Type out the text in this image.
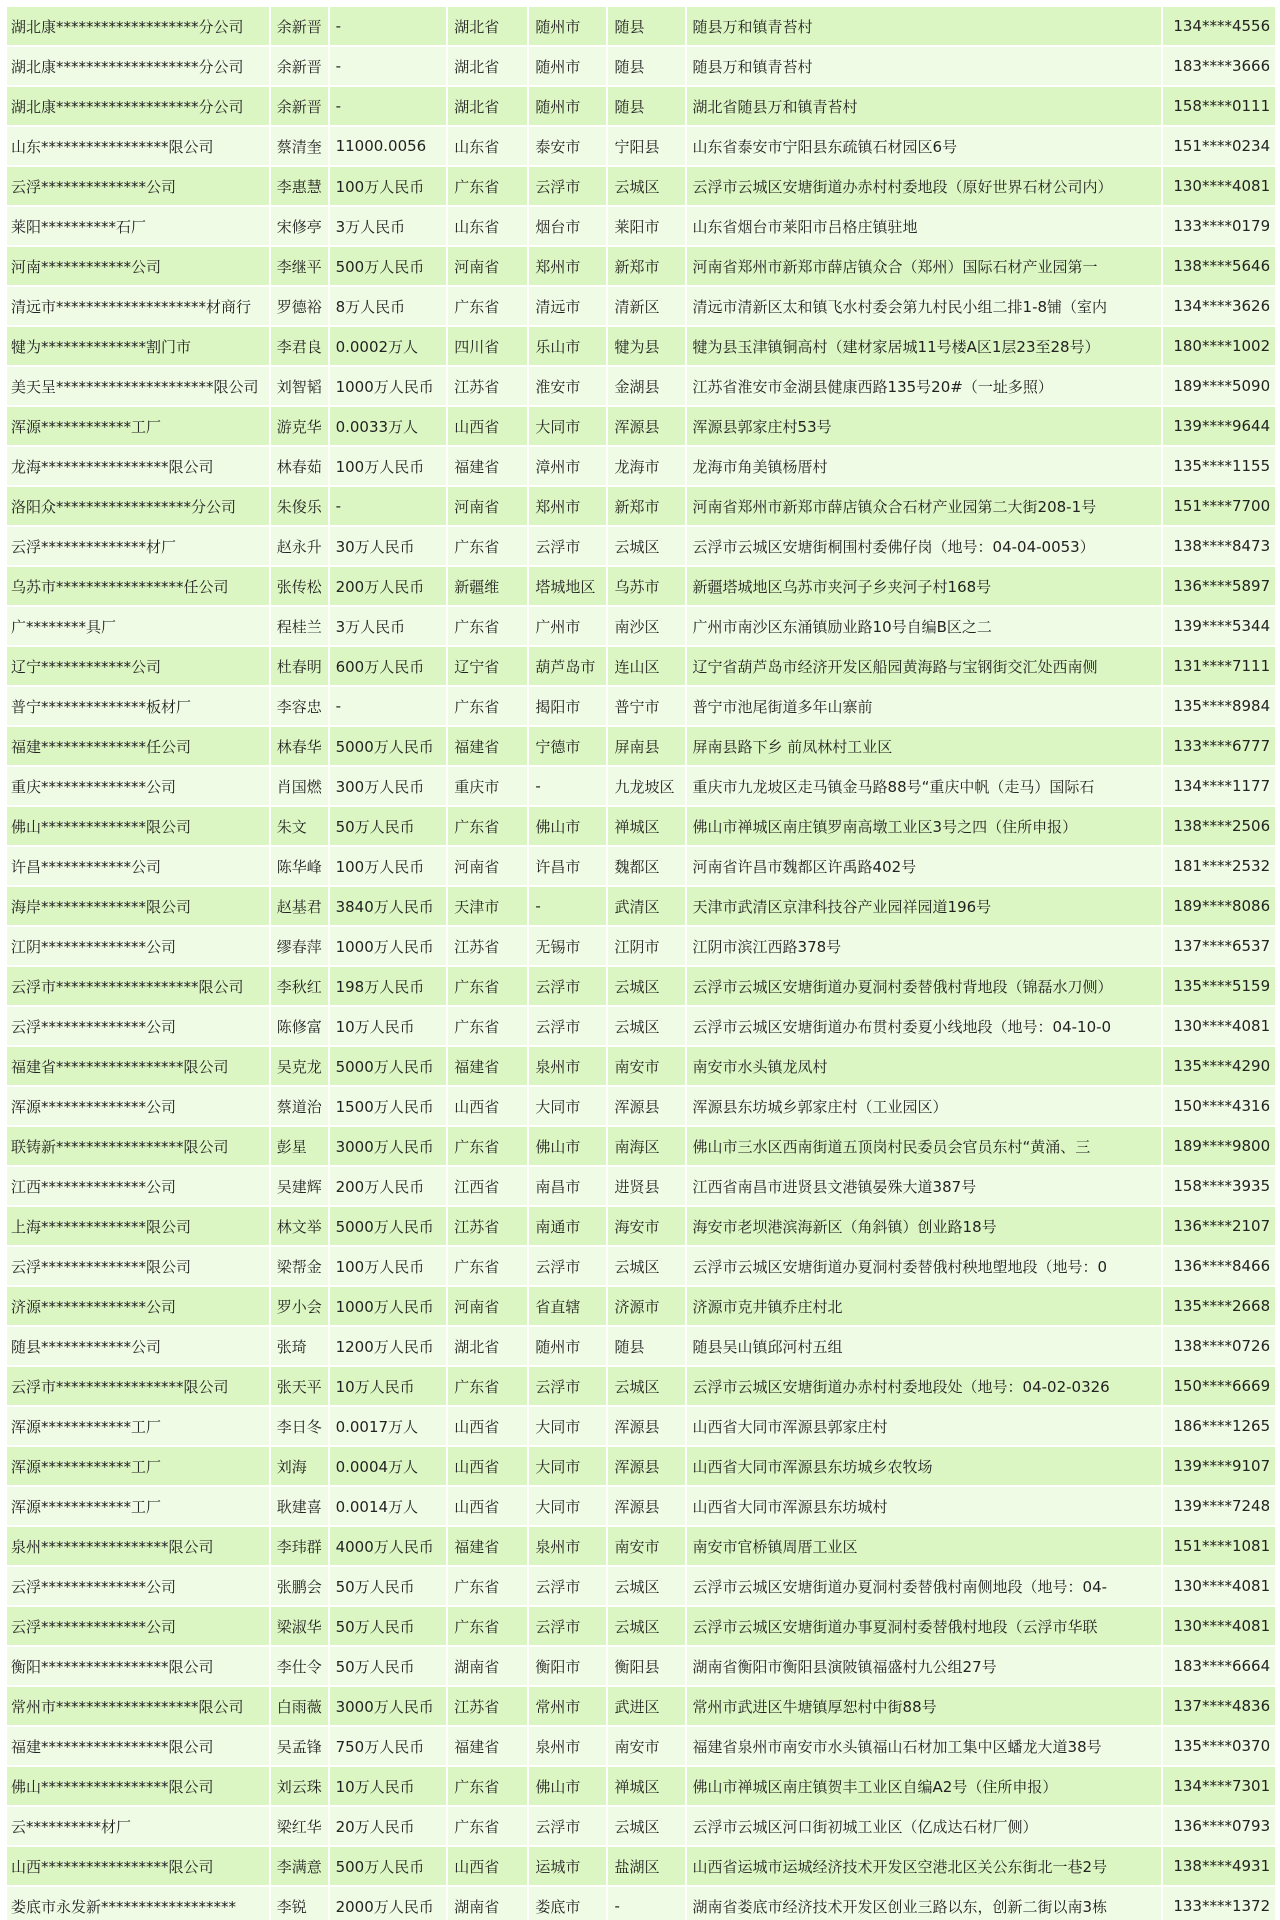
湖北康*******************分公司	余新晋	-	湖北省	随州市	随县	随县万和镇青苔村	134****4556
湖北康*******************分公司	余新晋	-	湖北省	随州市	随县	随县万和镇青苔村	183****3666
湖北康*******************分公司	余新晋	-	湖北省	随州市	随县	湖北省随县万和镇青苔村	158****0111
山东*****************限公司	蔡清奎	11000.0056	山东省	泰安市	宁阳县	山东省泰安市宁阳县东疏镇石材园区6号	151****0234
云浮**************公司	李惠慧	100万人民币	广东省	云浮市	云城区	云浮市云城区安塘街道办赤村村委地段（原好世界石材公司内）	130****4081
莱阳**********石厂	宋修亭	3万人民币	山东省	烟台市	莱阳市	山东省烟台市莱阳市吕格庄镇驻地	133****0179
河南************公司	李继平	500万人民币	河南省	郑州市	新郑市	河南省郑州市新郑市薛店镇众合（郑州）国际石材产业园第一	138****5646
清远市********************材商行	罗德裕	8万人民币	广东省	清远市	清新区	清远市清新区太和镇飞水村委会第九村民小组二排1-8铺（室内	134****3626
犍为**************割门市	李君良	0.0002万人	四川省	乐山市	犍为县	犍为县玉津镇铜高村（建材家居城11号楼A区1层23至28号）	180****1002
美天呈*********************限公司	刘智韬	1000万人民币	江苏省	淮安市	金湖县	江苏省淮安市金湖县健康西路135号20#（一址多照）	189****5090
浑源************工厂	游克华	0.0033万人	山西省	大同市	浑源县	浑源县郭家庄村53号	139****9644
龙海*****************限公司	林春茹	100万人民币	福建省	漳州市	龙海市	龙海市角美镇杨厝村	135****1155
洛阳众******************分公司	朱俊乐	-	河南省	郑州市	新郑市	河南省郑州市新郑市薛店镇众合石材产业园第二大街208-1号	151****7700
云浮**************材厂	赵永升	30万人民币	广东省	云浮市	云城区	云浮市云城区安塘街桐围村委佛仔岗（地号：04-04-0053）	138****8473
乌苏市*****************任公司	张传松	200万人民币	新疆维	塔城地区	乌苏市	新疆塔城地区乌苏市夹河子乡夹河子村168号	136****5897
广********具厂	程桂兰	3万人民币	广东省	广州市	南沙区	广州市南沙区东涌镇励业路10号自编B区之二	139****5344
辽宁************公司	杜春明	600万人民币	辽宁省	葫芦岛市	连山区	辽宁省葫芦岛市经济开发区船园黄海路与宝钢街交汇处西南侧	131****7111
普宁**************板材厂	李容忠	-	广东省	揭阳市	普宁市	普宁市池尾街道多年山寨前	135****8984
福建**************任公司	林春华	5000万人民币	福建省	宁德市	屏南县	屏南县路下乡 前凤林村工业区	133****6777
重庆**************公司	肖国燃	300万人民币	重庆市	-	九龙坡区	重庆市九龙坡区走马镇金马路88号“重庆中帆（走马）国际石	134****1177
佛山**************限公司	朱文	50万人民币	广东省	佛山市	禅城区	佛山市禅城区南庄镇罗南高墩工业区3号之四（住所申报）	138****2506
许昌************公司	陈华峰	100万人民币	河南省	许昌市	魏都区	河南省许昌市魏都区许禹路402号	181****2532
海岸**************限公司	赵基君	3840万人民币	天津市	-	武清区	天津市武清区京津科技谷产业园祥园道196号	189****8086
江阴**************公司	缪春萍	1000万人民币	江苏省	无锡市	江阴市	江阴市滨江西路378号	137****6537
云浮市*******************限公司	李秋红	198万人民币	广东省	云浮市	云城区	云浮市云城区安塘街道办夏洞村委替俄村背地段（锦磊水刀侧）	135****5159
云浮**************公司	陈修富	10万人民币	广东省	云浮市	云城区	云浮市云城区安塘街道办布贯村委夏小线地段（地号：04-10-0	130****4081
福建省*****************限公司	吴克龙	5000万人民币	福建省	泉州市	南安市	南安市水头镇龙凤村	135****4290
浑源**************公司	蔡道治	1500万人民币	山西省	大同市	浑源县	浑源县东坊城乡郭家庄村（工业园区）	150****4316
联铸新*****************限公司	彭星	3000万人民币	广东省	佛山市	南海区	佛山市三水区西南街道五顶岗村民委员会官员东村“黄涌、三	189****9800
江西**************公司	吴建辉	200万人民币	江西省	南昌市	进贤县	江西省南昌市进贤县文港镇晏殊大道387号	158****3935
上海**************限公司	林文举	5000万人民币	江苏省	南通市	海安市	海安市老坝港滨海新区（角斜镇）创业路18号	136****2107
云浮**************限公司	梁帮金	100万人民币	广东省	云浮市	云城区	云浮市云城区安塘街道办夏洞村委替俄村秧地塱地段（地号：0	136****8466
济源**************公司	罗小会	1000万人民币	河南省	省直辖	济源市	济源市克井镇乔庄村北	135****2668
随县************公司	张琦	1200万人民币	湖北省	随州市	随县	随县吴山镇邱河村五组	138****0726
云浮市*****************限公司	张天平	10万人民币	广东省	云浮市	云城区	云浮市云城区安塘街道办赤村村委地段处（地号：04-02-0326	150****6669
浑源************工厂	李日冬	0.0017万人	山西省	大同市	浑源县	山西省大同市浑源县郭家庄村	186****1265
浑源************工厂	刘海	0.0004万人	山西省	大同市	浑源县	山西省大同市浑源县东坊城乡农牧场	139****9107
浑源************工厂	耿建喜	0.0014万人	山西省	大同市	浑源县	山西省大同市浑源县东坊城村	139****7248
泉州*****************限公司	李玮群	4000万人民币	福建省	泉州市	南安市	南安市官桥镇周厝工业区	151****1081
云浮**************公司	张鹏会	50万人民币	广东省	云浮市	云城区	云浮市云城区安塘街道办夏洞村委替俄村南侧地段（地号：04-	130****4081
云浮**************公司	梁淑华	50万人民币	广东省	云浮市	云城区	云浮市云城区安塘街道办事夏洞村委替俄村地段（云浮市华联	130****4081
衡阳*****************限公司	李仕令	50万人民币	湖南省	衡阳市	衡阳县	湖南省衡阳市衡阳县演陂镇福盛村九公组27号	183****6664
常州市*******************限公司	白雨薇	3000万人民币	江苏省	常州市	武进区	常州市武进区牛塘镇厚恕村中街88号	137****4836
福建*****************限公司	吴孟锋	750万人民币	福建省	泉州市	南安市	福建省泉州市南安市水头镇福山石材加工集中区蟠龙大道38号	135****0370
佛山*****************限公司	刘云珠	10万人民币	广东省	佛山市	禅城区	佛山市禅城区南庄镇贺丰工业区自编A2号（住所申报）	134****7301
云**********材厂	梁红华	20万人民币	广东省	云浮市	云城区	云浮市云城区河口街初城工业区（亿成达石材厂侧）	136****0793
山西*****************限公司	李满意	500万人民币	山西省	运城市	盐湖区	山西省运城市运城经济技术开发区空港北区关公东街北一巷2号	138****4931
娄底市永发新******************	李锐	2000万人民币	湖南省	娄底市	-	湖南省娄底市经济技术开发区创业三路以东，创新二街以南3栋	133****1372
